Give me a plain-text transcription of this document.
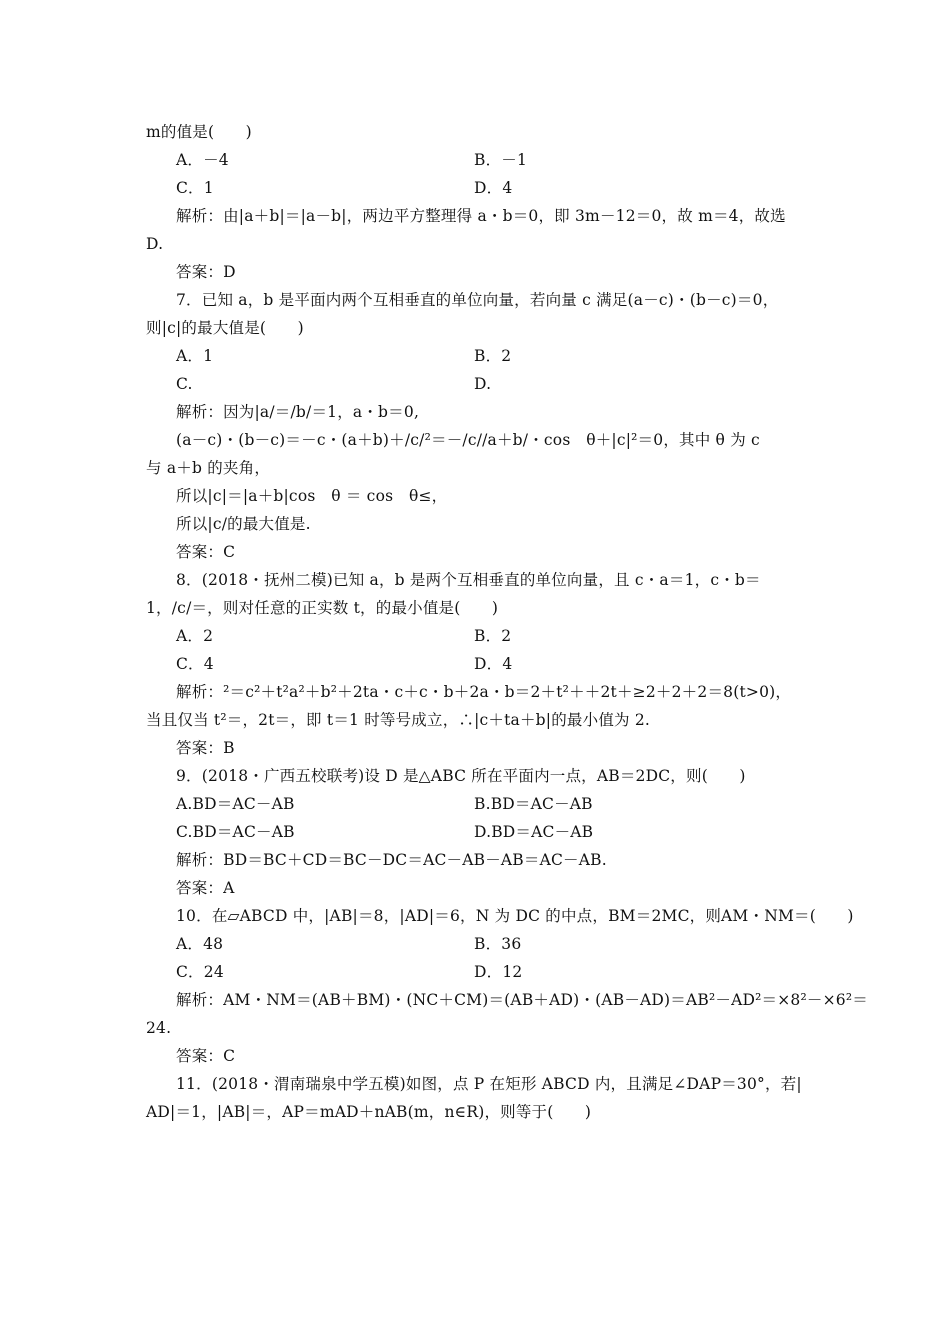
m的值是(　　)
A．－4	B．－1
C．1	D．4
解析：由|a＋b|＝|a－b|，两边平方整理得 a・b＝0，即 3m－12＝0，故 m＝4，故选
D.
答案：D
7．已知 a，b 是平面内两个互相垂直的单位向量，若向量 c 满足(a－c)・(b－c)＝0，
则|c|的最大值是(　　)
A．1	B．2
C.	D.
解析：因为|a/＝/b/＝1，a・b＝0,
(a－c)・(b－c)＝－c・(a＋b)＋/c/²＝－/c//a＋b/・cos　θ＋|c|²＝0，其中 θ 为 c
与 a＋b 的夹角，
所以|c|＝|a＋b|cos　θ ＝ cos　θ≤，
所以|c/的最大值是.
答案：C
8．(2018・抚州二模)已知 a，b 是两个互相垂直的单位向量，且 c・a＝1，c・b＝
1，/c/＝，则对任意的正实数 t，的最小值是(　　)
A．2	B．2
C．4	D．4
解析：²＝c²＋t²a²＋b²＋2ta・c＋c・b＋2a・b＝2＋t²＋＋2t＋≥2＋2＋2＝8(t>0)，
当且仅当 t²＝，2t＝，即 t＝1 时等号成立，∴|c＋ta＋b|的最小值为 2.
答案：B
9．(2018・广西五校联考)设 D 是△ABC 所在平面内一点，AB＝2DC，则(　　)
A.BD＝AC－AB	B.BD＝AC－AB
C.BD＝AC－AB	D.BD＝AC－AB
解析：BD＝BC＋CD＝BC－DC＝AC－AB－AB＝AC－AB.
答案：A
10．在▱ABCD 中，|AB|＝8，|AD|＝6，N 为 DC 的中点，BM＝2MC，则AM・NM＝(　　)
A．48	B．36
C．24	D．12
解析：AM・NM＝(AB＋BM)・(NC＋CM)＝(AB＋AD)・(AB－AD)＝AB²－AD²＝×8²－×6²＝
24.
答案：C
11．(2018・渭南瑞泉中学五模)如图，点 P 在矩形 ABCD 内，且满足∠DAP＝30°，若|
AD|＝1，|AB|＝，AP＝mAD＋nAB(m，n∈R)，则等于(　　)
